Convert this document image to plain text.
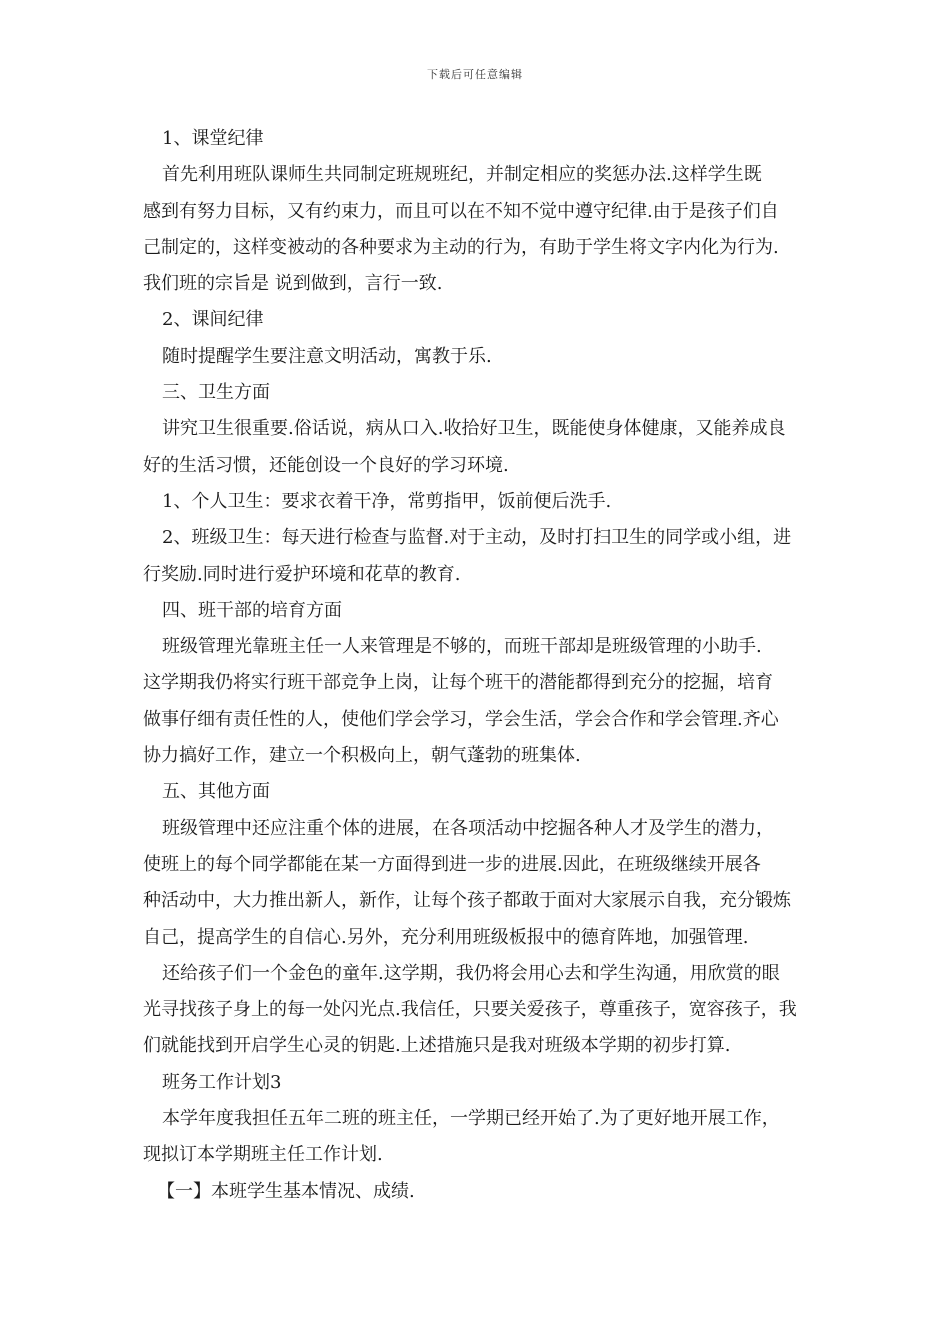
下载后可任意编辑
1、课堂纪律
首先利用班队课师生共同制定班规班纪，并制定相应的奖惩办法.这样学生既
感到有努力目标，又有约束力，而且可以在不知不觉中遵守纪律.由于是孩子们自
己制定的，这样变被动的各种要求为主动的行为，有助于学生将文字内化为行为.
我们班的宗旨是 说到做到，言行一致.
2、课间纪律
随时提醒学生要注意文明活动，寓教于乐.
三、卫生方面
讲究卫生很重要.俗话说，病从口入.收拾好卫生，既能使身体健康，又能养成良
好的生活习惯，还能创设一个良好的学习环境.
1、个人卫生：要求衣着干净，常剪指甲，饭前便后洗手.
2、班级卫生：每天进行检查与监督.对于主动，及时打扫卫生的同学或小组，进
行奖励.同时进行爱护环境和花草的教育.
四、班干部的培育方面
班级管理光靠班主任一人来管理是不够的，而班干部却是班级管理的小助手.
这学期我仍将实行班干部竞争上岗，让每个班干的潜能都得到充分的挖掘，培育
做事仔细有责任性的人，使他们学会学习，学会生活，学会合作和学会管理.齐心
协力搞好工作，建立一个积极向上，朝气蓬勃的班集体.
五、其他方面
班级管理中还应注重个体的进展，在各项活动中挖掘各种人才及学生的潜力，
使班上的每个同学都能在某一方面得到进一步的进展.因此，在班级继续开展各
种活动中，大力推出新人，新作，让每个孩子都敢于面对大家展示自我，充分锻炼
自己，提高学生的自信心.另外，充分利用班级板报中的德育阵地，加强管理.
还给孩子们一个金色的童年.这学期，我仍将会用心去和学生沟通，用欣赏的眼
光寻找孩子身上的每一处闪光点.我信任，只要关爱孩子，尊重孩子，宽容孩子，我
们就能找到开启学生心灵的钥匙.上述措施只是我对班级本学期的初步打算.
班务工作计划3
本学年度我担任五年二班的班主任，一学期已经开始了.为了更好地开展工作，
现拟订本学期班主任工作计划.
【一】本班学生基本情况、成绩.
